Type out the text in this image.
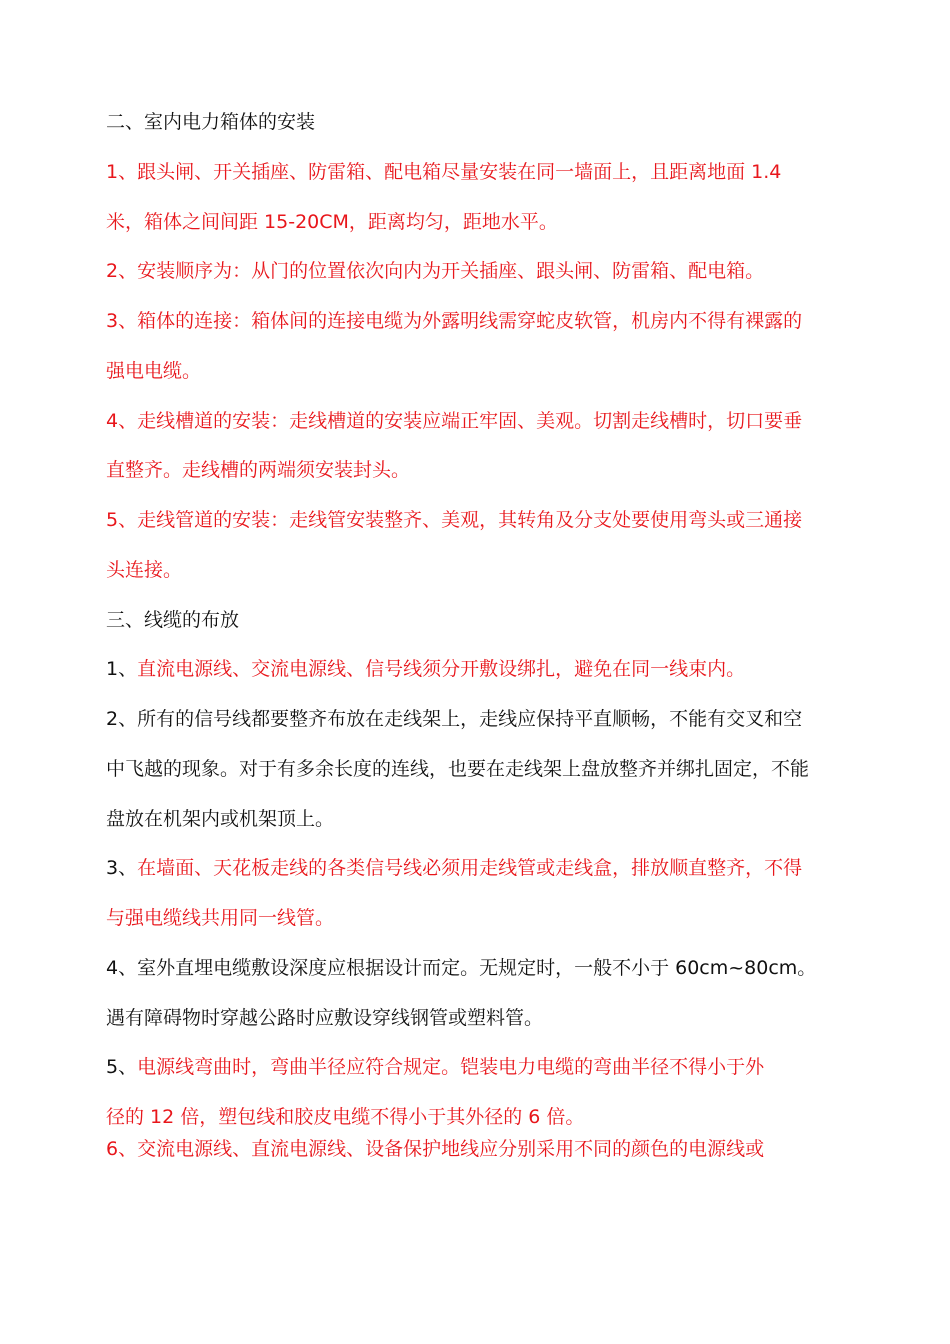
二、室内电力箱体的安装
1、跟头闸、开关插座、防雷箱、配电箱尽量安装在同一墙面上，且距离地面 1.4
米，箱体之间间距 15-20CM，距离均匀，距地水平。
2、安装顺序为：从门的位置依次向内为开关插座、跟头闸、防雷箱、配电箱。
3、箱体的连接：箱体间的连接电缆为外露明线需穿蛇皮软管，机房内不得有裸露的
强电电缆。
4、走线槽道的安装：走线槽道的安装应端正牢固、美观。切割走线槽时，切口要垂
直整齐。走线槽的两端须安装封头。
5、走线管道的安装：走线管安装整齐、美观，其转角及分支处要使用弯头或三通接
头连接。
三、线缆的布放
1、直流电源线、交流电源线、信号线须分开敷设绑扎，避免在同一线束内。
2、所有的信号线都要整齐布放在走线架上，走线应保持平直顺畅，不能有交叉和空
中飞越的现象。对于有多余长度的连线，也要在走线架上盘放整齐并绑扎固定，不能
盘放在机架内或机架顶上。
3、在墙面、天花板走线的各类信号线必须用走线管或走线盒，排放顺直整齐，不得
与强电缆线共用同一线管。
4、室外直埋电缆敷设深度应根据设计而定。无规定时，一般不小于 60cm~80cm。
遇有障碍物时穿越公路时应敷设穿线钢管或塑料管。
5、电源线弯曲时，弯曲半径应符合规定。铠装电力电缆的弯曲半径不得小于外
径的 12 倍，塑包线和胶皮电缆不得小于其外径的 6 倍。
6、交流电源线、直流电源线、设备保护地线应分别采用不同的颜色的电源线或
